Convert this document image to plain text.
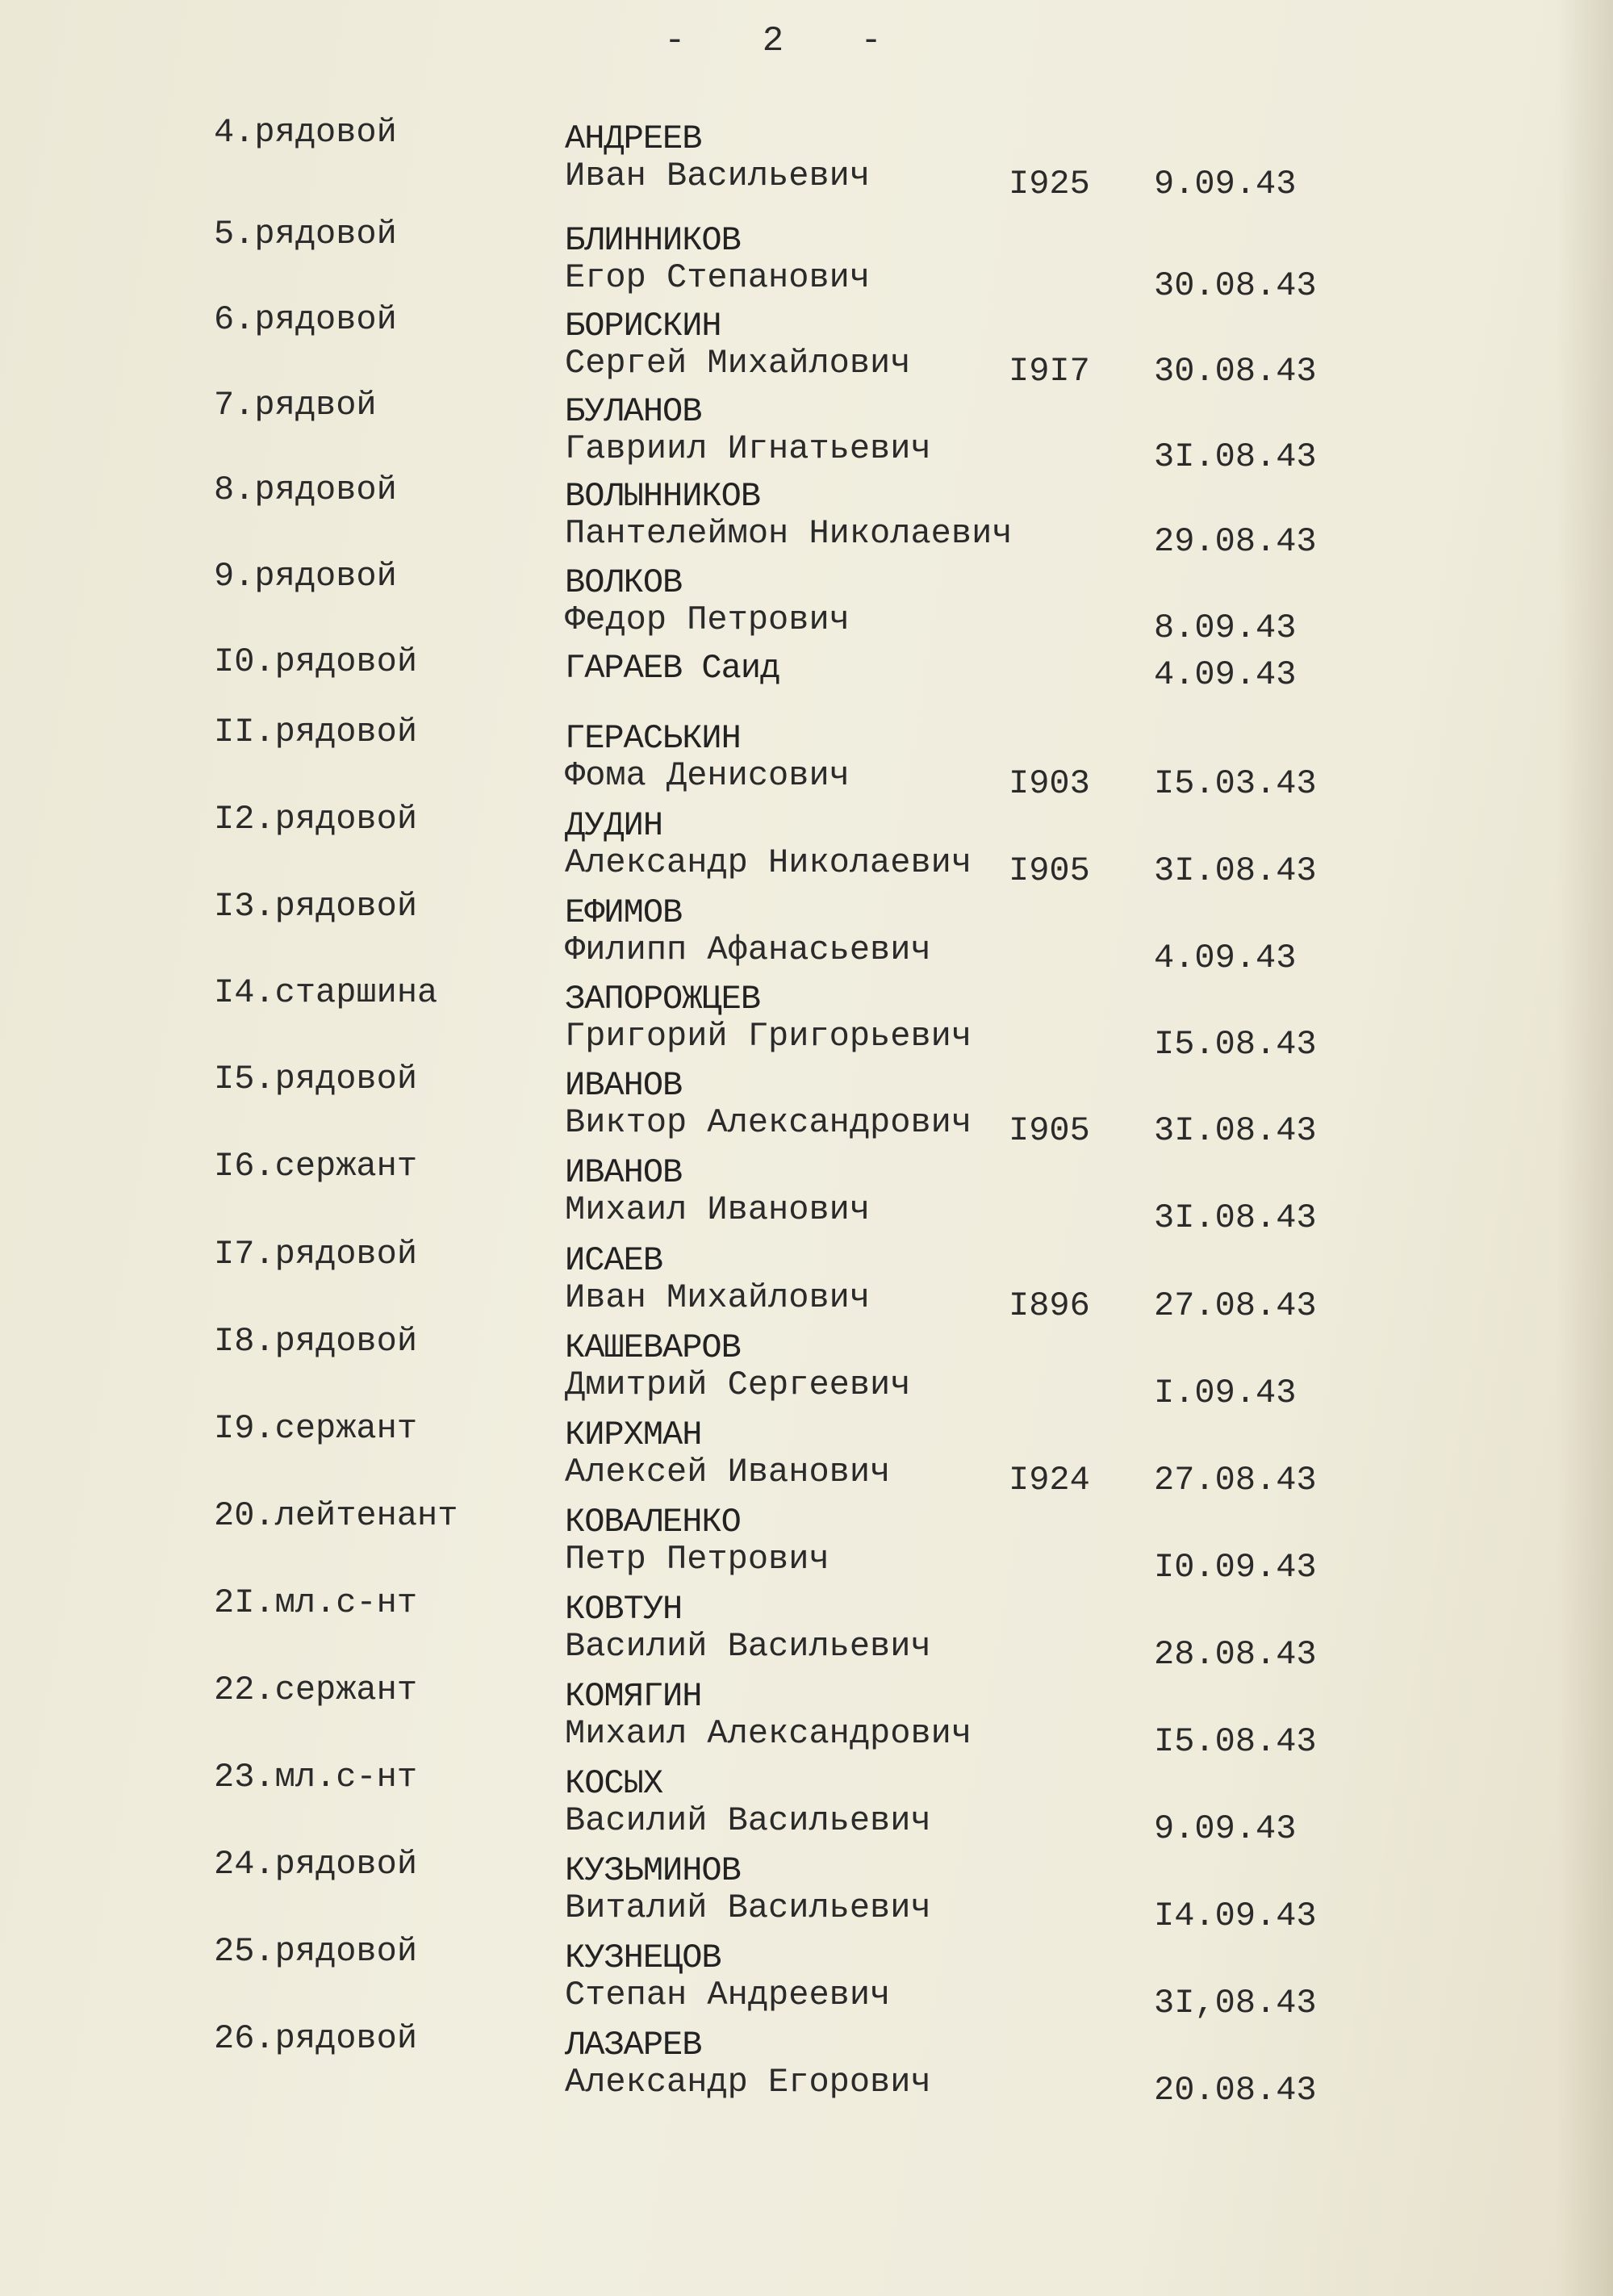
-   2   -
4.рядовой	АНДРЕЕВ
Иван Васильевич	I925 9.09.43
5.рядовой	БЛИННИКОВ
Егор Степанович	30.08.43
6.рядовой	БОРИСКИН
Сергей Михайлович	I9I7 30.08.43
7.рядвой	БУЛАНОВ
Гавриил Игнатьевич	3I.08.43
8.рядовой	ВОЛЫННИКОВ
Пантелеймон Николаевич	29.08.43
9.рядовой	ВОЛКОВ
Федор Петрович	8.09.43
I0.рядовой	ГАРАЕВ Саид	4.09.43
II.рядовой	ГЕРАСЬКИН
Фома Денисович	I903 I5.03.43
I2.рядовой	ДУДИН
Александр Николаевич I905 3I.08.43
I3.рядовой	ЕФИМОВ
Филипп Афанасьевич	4.09.43
I4.старшина	ЗАПОРОЖЦЕВ
Григорий Григорьевич	I5.08.43
I5.рядовой	ИВАНОВ
Виктор Александрович I905 3I.08.43
I6.сержант	ИВАНОВ
Михаил Иванович	3I.08.43
I7.рядовой	ИСАЕВ
Иван Михайлович	I896 27.08.43
I8.рядовой	КАШЕВАРОВ
Дмитрий Сергеевич	I.09.43
I9.сержант	КИРХМАН
Алексей Иванович	I924 27.08.43
20.лейтенант	КОВАЛЕНКО
Петр Петрович	I0.09.43
2I.мл.с-нт	КОВТУН
Василий Васильевич	28.08.43
22.сержант	КОМЯГИН
Михаил Александрович	I5.08.43
23.мл.с-нт	КОСЫХ
Василий Васильевич	9.09.43
24.рядовой	КУЗЬМИНОВ
Виталий Васильевич	I4.09.43
25.рядовой	КУЗНЕЦОВ
Степан Андреевич	3I,08.43
26.рядовой	ЛАЗАРЕВ
Александр Егорович	20.08.43
